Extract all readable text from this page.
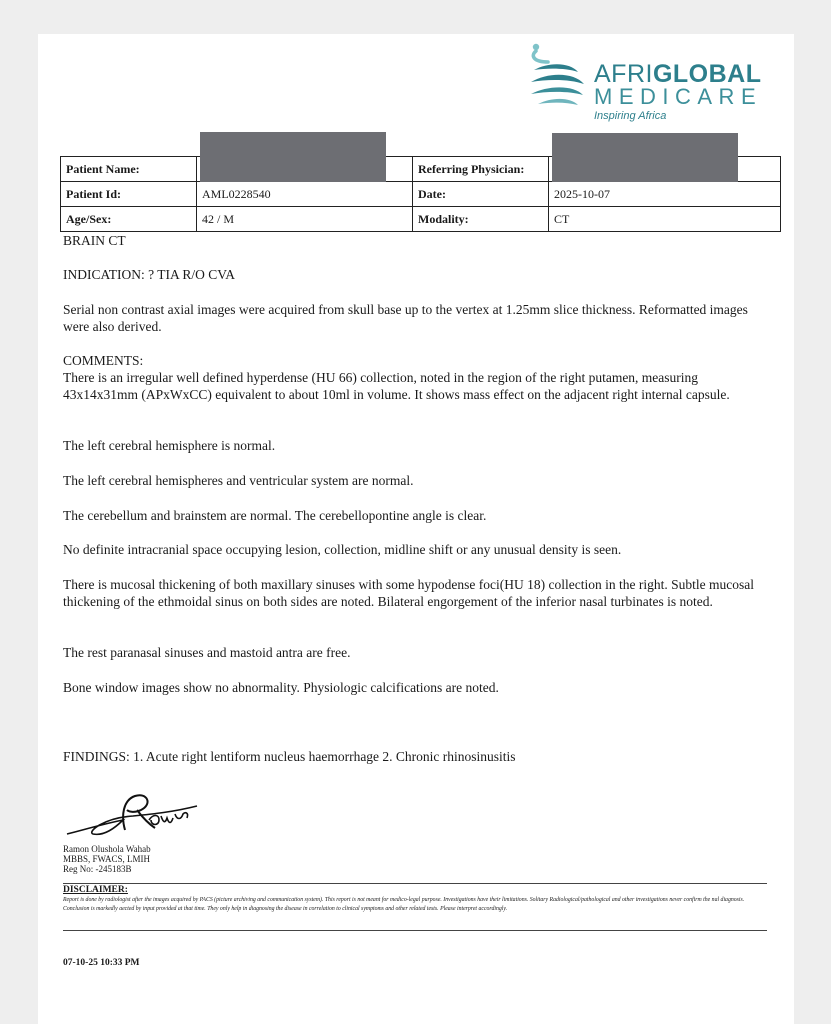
AFRIGLOBAL
MEDICARE
Inspiring Africa
Patient Name:		Referring Physician:	
Patient Id:	AML0228540	Date:	2025-10-07
Age/Sex:	42 / M	Modality:	CT
BRAIN CT
INDICATION: ? TIA R/O CVA
Serial non contrast axial images were acquired from skull base up to the vertex at 1.25mm slice thickness. Reformatted images were also derived.
COMMENTS:
There is an irregular well defined hyperdense (HU 66) collection, noted in the region of the right putamen, measuring 43x14x31mm (APxWxCC) equivalent to about 10ml in volume. It shows mass effect on the adjacent right internal capsule.
The left cerebral hemisphere is normal.
The left cerebral hemispheres and ventricular system are normal.
The cerebellum and brainstem are normal. The cerebellopontine angle is clear.
No definite intracranial space occupying lesion, collection, midline shift or any unusual density is seen.
There is mucosal thickening of both maxillary sinuses with some hypodense foci(HU 18) collection in the right. Subtle mucosal thickening of the ethmoidal sinus on both sides are noted. Bilateral engorgement of the inferior nasal turbinates is noted.
The rest paranasal sinuses and mastoid antra are free.
Bone window images show no abnormality. Physiologic calcifications are noted.
FINDINGS: 1. Acute right lentiform nucleus haemorrhage 2. Chronic rhinosinusitis
Ramon Olushola Wahab
MBBS, FWACS, LMIH
Reg No: -245183B
DISCLAIMER:
Report is done by radiologist after the images acquired by PACS (picture archiving and communication system). This report is not meant for medico-legal purpose. Investigations have their limitations. Solitary Radiological/pathological and other investigations never confirm the nal diagnosis. Conclusion is markedly aected by input provided at that time. They only help in diagnosing the disease in correlation to clinical symptoms and other related tests. Please interpret accordingly.
07-10-25 10:33 PM
